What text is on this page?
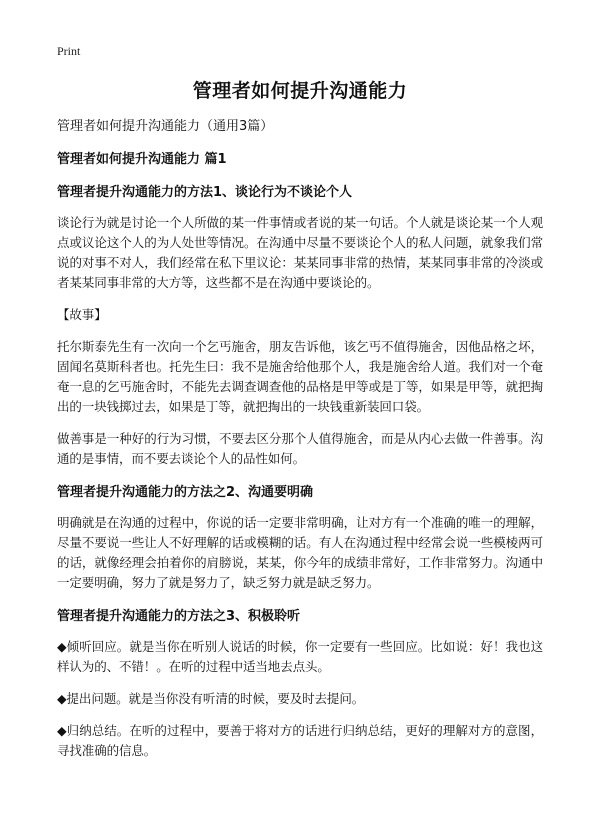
Print
管理者如何提升沟通能力
管理者如何提升沟通能力（通用3篇）
管理者如何提升沟通能力 篇1
管理者提升沟通能力的方法1、谈论行为不谈论个人

谈论行为就是讨论一个人所做的某一件事情或者说的某一句话。个人就是谈论某一个人观点或议论这个人的为人处世等情况。在沟通中尽量不要谈论个人的私人问题，就象我们常说的对事不对人，我们经常在私下里议论：某某同事非常的热情，某某同事非常的冷淡或者某某同事非常的大方等，这些都不是在沟通中要谈论的。

【故事】

托尔斯泰先生有一次向一个乞丐施舍，朋友告诉他，该乞丐不值得施舍，因他品格之坏，固闻名莫斯科者也。托先生曰：我不是施舍给他那个人，我是施舍给人道。我们对一个奄奄一息的乞丐施舍时，不能先去调查调查他的品格是甲等或是丁等，如果是甲等，就把掏出的一块钱掷过去，如果是丁等，就把掏出的一块钱重新装回口袋。

做善事是一种好的行为习惯，不要去区分那个人值得施舍，而是从内心去做一件善事。沟通的是事情，而不要去谈论个人的品性如何。

管理者提升沟通能力的方法之2、沟通要明确

明确就是在沟通的过程中，你说的话一定要非常明确，让对方有一个准确的唯一的理解，尽量不要说一些让人不好理解的话或模糊的话。有人在沟通过程中经常会说一些模棱两可的话，就像经理会拍着你的肩膀说，某某，你今年的成绩非常好，工作非常努力。沟通中一定要明确，努力了就是努力了，缺乏努力就是缺乏努力。

管理者提升沟通能力的方法之3、积极聆听

◆倾听回应。就是当你在听别人说话的时候，你一定要有一些回应。比如说：好！我也这样认为的、不错！。在听的过程中适当地去点头。

◆提出问题。就是当你没有听清的时候，要及时去提问。

◆归纳总结。在听的过程中，要善于将对方的话进行归纳总结，更好的理解对方的意图，寻找准确的信息。
